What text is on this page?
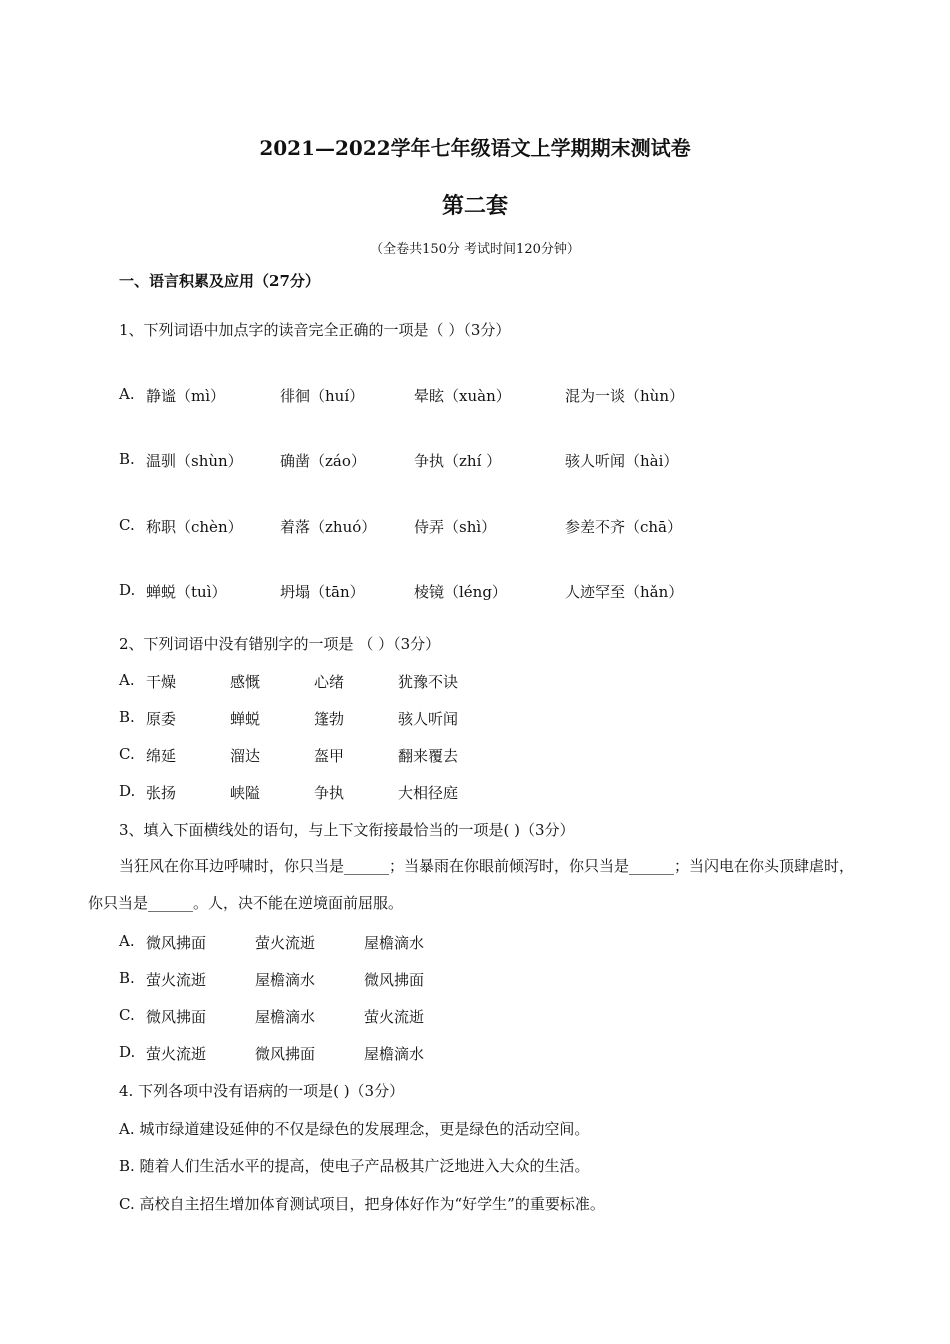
2021—2022学年七年级语文上学期期末测试卷
第二套
（全卷共150分 考试时间120分钟）
一、语言积累及应用（27分）
1、下列词语中加点字的读音完全正确的一项是（ ）（3分）
A. 静谧（mì）	徘徊（huí）	晕眩（xuàn）	混为一谈（hùn）
B. 温驯（shùn） 确凿（záo）	争执（zhí ）	骇人听闻（hài）
C. 称职（chèn） 着落（zhuó）	侍弄（shì）	参差不齐（chā）
D. 蝉蜕（tuì）	坍塌（tān）	棱镜（léng）	人迹罕至（hǎn）
2、下列词语中没有错别字的一项是 （ ）（3分）
A. 干燥	感慨	心绪	犹豫不诀
B. 原委	蝉蜕	篷勃	骇人听闻
C. 绵延	溜达	盔甲	翻来覆去
D. 张扬	峡隘	争执	大相径庭
3、填入下面横线处的语句，与上下文衔接最恰当的一项是( )（3分）
当狂风在你耳边呼啸时，你只当是______；当暴雨在你眼前倾泻时，你只当是______；当闪电在你头顶肆虐时，你只当是______。人，决不能在逆境面前屈服。
A. 微风拂面	萤火流逝	屋檐滴水
B. 萤火流逝	屋檐滴水	微风拂面
C. 微风拂面	屋檐滴水	萤火流逝
D. 萤火流逝	微风拂面	屋檐滴水
4. 下列各项中没有语病的一项是( )（3分）
A. 城市绿道建设延伸的不仅是绿色的发展理念，更是绿色的活动空间。
B. 随着人们生活水平的提高，使电子产品极其广泛地进入大众的生活。
C. 高校自主招生增加体育测试项目，把身体好作为“好学生”的重要标准。
